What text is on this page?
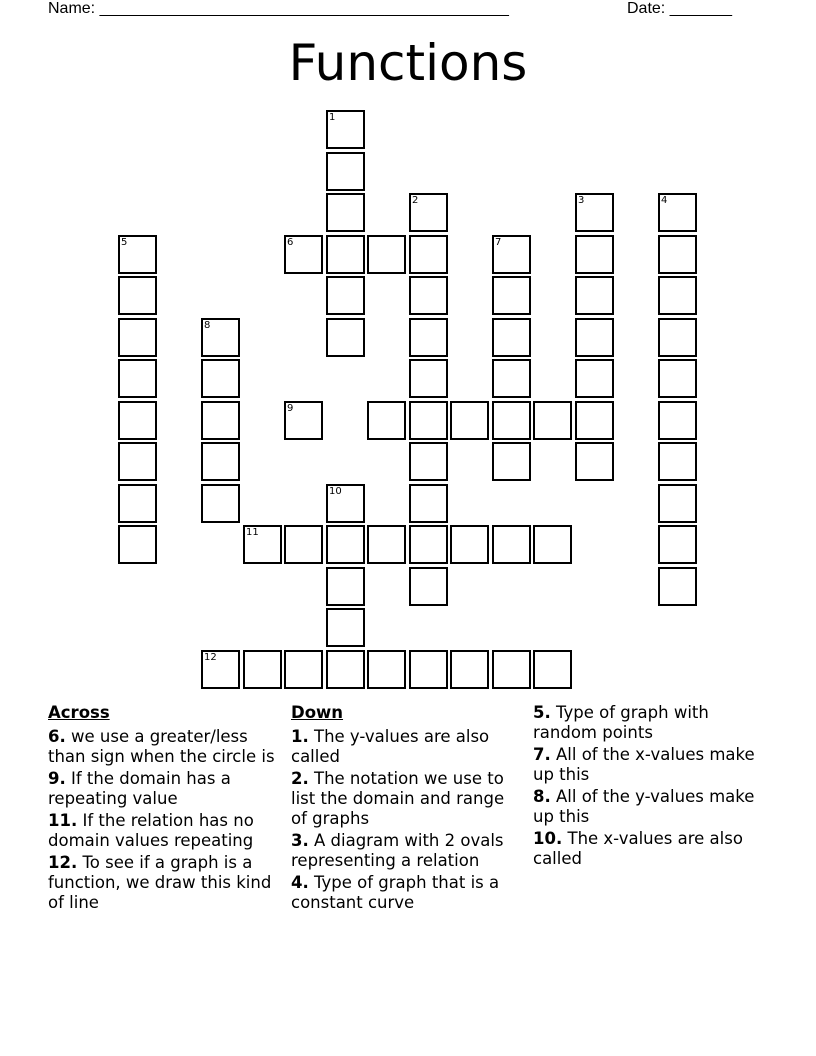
Name: ______________________________________________	Date: _______
Functions
1
2	3	4
5	6	7
8
9
10
11
12
Across
6. we use a greater/less than sign when the circle is
9. If the domain has a repeating value
11. If the relation has no domain values repeating
12. To see if a graph is a function, we draw this kind of line
Down
1. The y-values are also called
2. The notation we use to list the domain and range of graphs
3. A diagram with 2 ovals representing a relation
4. Type of graph that is a constant curve
5. Type of graph with random points
7. All of the x-values make up this
8. All of the y-values make up this
10. The x-values are also called
